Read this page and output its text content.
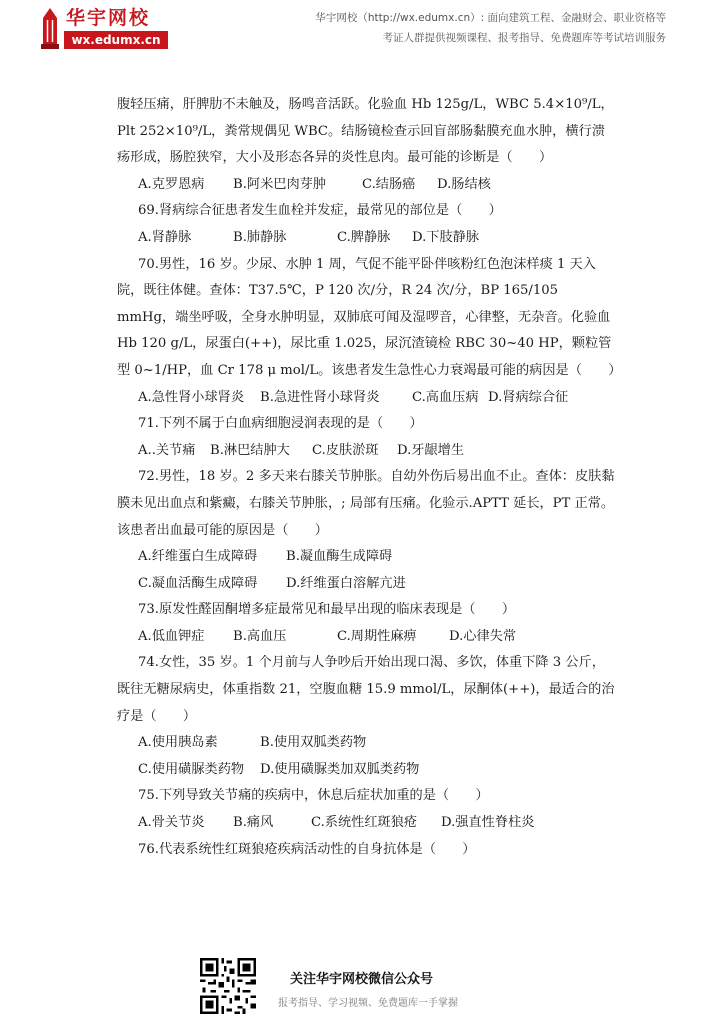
华宇网校
wx.edumx.cn
华宇网校（http://wx.edumx.cn）: 面向建筑工程、金融财会、职业资格等
考证人群提供视频课程、报考指导、免费题库等考试培训服务

腹轻压痛，肝脾肋不未触及，肠鸣音活跃。化验血 Hb 125g/L，WBC 5.4×10⁹/L，Plt 252×10⁹/L，粪常规偶见 WBC。结肠镜检查示回盲部肠黏膜充血水肿，横行溃疡形成，肠腔狭窄，大小及形态各异的炎性息肉。最可能的诊断是（　　）

A.克罗恩病 B.阿米巴肉芽肿	C.结肠癌 D.肠结核

69.肾病综合征患者发生血栓并发症，最常见的部位是（　　）

A.肾静脉	B.肺静脉	C.脾静脉 D.下肢静脉

70.男性，16 岁。少尿、水肿 1 周，气促不能平卧伴咳粉红色泡沫样痰 1 天入院，既往体健。查体：T37.5℃，P 120 次/分，R 24 次/分，BP 165/105 mmHg，端坐呼吸，全身水肿明显，双肺底可闻及湿啰音，心律整，无杂音。化验血 Hb 120 g/L，尿蛋白(++)，尿比重 1.025，尿沉渣镜检 RBC 30~40 HP，颗粒管型 0~1/HP，血 Cr 178 μ mol/L。该患者发生急性心力衰竭最可能的病因是（　　）

A.急性肾小球肾炎 B.急进性肾小球肾炎 C.高血压病 D.肾病综合征

71.下列不属于白血病细胞浸润表现的是（　　）

A..关节痛 B.淋巴结肿大 C.皮肤淤斑 D.牙龈增生

72.男性，18 岁。2 多天来右膝关节肿胀。自幼外伤后易出血不止。查体：皮肤黏膜未见出血点和紫癜，右膝关节肿胀，; 局部有压痛。化验示.APTT 延长，PT 正常。该患者出血最可能的原因是（　　）

A.纤维蛋白生成障碍 B.凝血酶生成障碍

C.凝血活酶生成障碍 D.纤维蛋白溶解亢进

73.原发性醛固酮增多症最常见和最早出现的临床表现是（　　）

A.低血钾症 B.高血压	C.周期性麻痹 D.心律失常

74.女性，35 岁。1 个月前与人争吵后开始出现口渴、多饮，体重下降 3 公斤，既往无糖尿病史，体重指数 21，空腹血糖 15.9 mmol/L，尿酮体(++)，最适合的治疗是（　　）

A.使用胰岛素	B.使用双胍类药物

C.使用磺脲类药物 D.使用磺脲类加双胍类药物

75.下列导致关节痛的疾病中，休息后症状加重的是（　　）

A.骨关节炎 B.痛风	C.系统性红斑狼疮 D.强直性脊柱炎

76.代表系统性红斑狼疮疾病活动性的自身抗体是（　　）

关注华宇网校微信公众号
报考指导、学习视频、免费题库一手掌握
